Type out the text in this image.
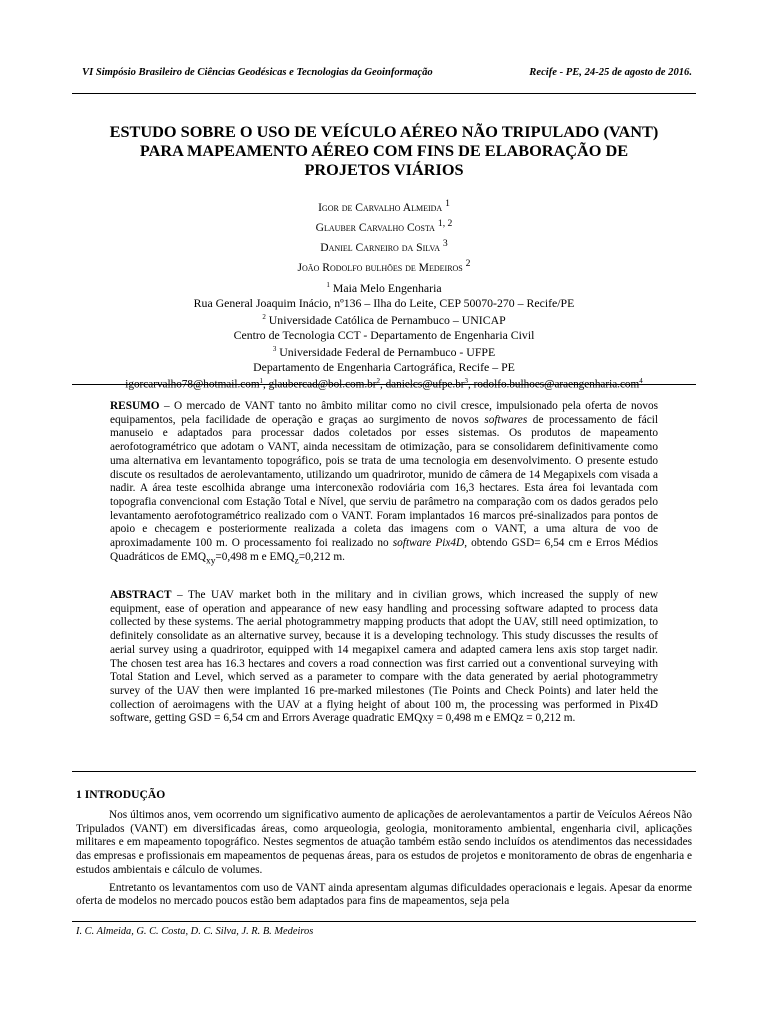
VI Simpósio Brasileiro de Ciências Geodésicas e Tecnologias da Geoinformação	Recife - PE, 24-25 de agosto de 2016.
ESTUDO SOBRE O USO DE VEÍCULO AÉREO NÃO TRIPULADO (VANT)
PARA MAPEAMENTO AÉREO COM FINS DE ELABORAÇÃO DE
PROJETOS VIÁRIOS
Igor de Carvalho Almeida $^1$
Glauber Carvalho Costa $^{1, 2}$
Daniel Carneiro da Silva $^3$
João Rodolfo bulhões de Medeiros $^2$
$^1$ Maia Melo Engenharia
Rua General Joaquim Inácio, nº136 – Ilha do Leite, CEP 50070-270 – Recife/PE
$^2$ Universidade Católica de Pernambuco – UNICAP
Centro de Tecnologia CCT - Departamento de Engenharia Civil
$^3$ Universidade Federal de Pernambuco - UFPE
Departamento de Engenharia Cartográfica, Recife – PE
igorcarvalho78@hotmail.com$^1$, $glaubercad@bol.com.br^2$, $danielcs@ufpe.br^3$, rodolfo.bulhoes@araengenharia.com$^4$
RESUMO – O mercado de VANT tanto no âmbito militar como no civil cresce, impulsionado pela oferta de novos equipamentos, pela facilidade de operação e graças ao surgimento de novos softwares de processamento de fácil manuseio e adaptados para processar dados coletados por esses sistemas. Os produtos de mapeamento aerofotogramétrico que adotam o VANT, ainda necessitam de otimização, para se consolidarem definitivamente como uma alternativa em levantamento topográfico, pois se trata de uma tecnologia em desenvolvimento. O presente estudo discute os resultados de aerolevantamento, utilizando um quadrirotor, munido de câmera de 14 Megapixels com visada a nadir. A área teste escolhida abrange uma interconexão rodoviária com 16,3 hectares. Esta área foi levantada com topografia convencional com Estação Total e Nível, que serviu de parâmetro na comparação com os dados gerados pelo levantamento aerofotogramétrico realizado com o VANT. Foram implantados 16 marcos pré-sinalizados para pontos de apoio e checagem e posteriormente realizada a coleta das imagens com o VANT, a uma altura de voo de aproximadamente 100 m. O processamento foi realizado no software Pix4D, obtendo GSD= 6,54 cm e Erros Médios Quadráticos de $EMQ_{xy}=0,498$ m e $EMQ_z=0,212$ m.
ABSTRACT – The UAV market both in the military and in civilian grows, which increased the supply of new equipment, ease of operation and appearance of new easy handling and processing software adapted to process data collected by these systems. The aerial photogrammetry mapping products that adopt the UAV, still need optimization, to definitely consolidate as an alternative survey, because it is a developing technology. This study discusses the results of aerial survey using a quadrirotor, equipped with 14 megapixel camera and adapted camera lens axis stop target nadir. The chosen test area has 16.3 hectares and covers a road connection was first carried out a conventional surveying with Total Station and Level, which served as a parameter to compare with the data generated by aerial photogrammetry survey of the UAV then were implanted 16 pre-marked milestones (Tie Points and Check Points) and later held the collection of aeroimagens with the UAV at a flying height of about 100 m, the processing was performed in Pix4D software, getting GSD = 6,54 cm and Errors Average quadratic EMQxy = 0,498 m e EMQz = 0,212 m.
1 INTRODUÇÃO

Nos últimos anos, vem ocorrendo um significativo aumento de aplicações de aerolevantamentos a partir de Veículos Aéreos Não Tripulados (VANT) em diversificadas áreas, como arqueologia, geologia, monitoramento ambiental, engenharia civil, aplicações militares e em mapeamento topográfico. Nestes segmentos de atuação também estão sendo incluídos os atendimentos das necessidades das empresas e profissionais em mapeamentos de pequenas áreas, para os estudos de projetos e monitoramento de obras de engenharia e estudos ambientais e cálculo de volumes.

Entretanto os levantamentos com uso de VANT ainda apresentam algumas dificuldades operacionais e legais. Apesar da enorme oferta de modelos no mercado poucos estão bem adaptados para fins de mapeamentos, seja pela

I. C. Almeida, G. C. Costa, D. C. Silva, J. R. B. Medeiros
